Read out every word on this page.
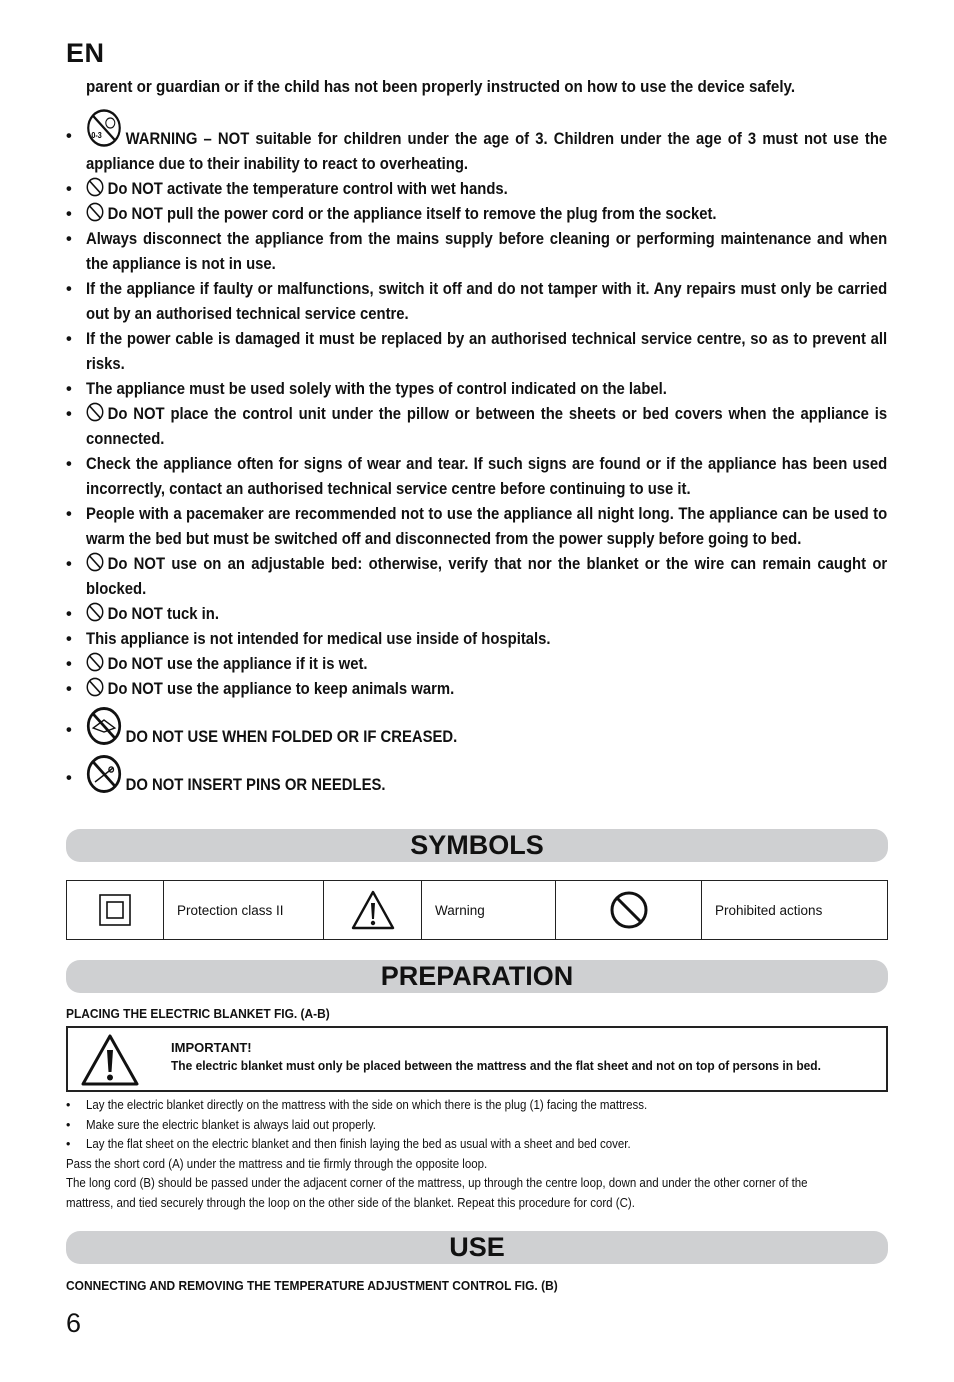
EN
parent or guardian or if the child has not been properly instructed on how to use the device safely.
• 0-3 WARNING – NOT suitable for children under the age of 3. Children under the age of 3 must not use the appliance due to their inability to react to overheating.
•	Do NOT activate the temperature control with wet hands.
•	Do NOT pull the power cord or the appliance itself to remove the plug from the socket.
• Always disconnect the appliance from the mains supply before cleaning or performing maintenance and when the appliance is not in use.
• If the appliance if faulty or malfunctions, switch it off and do not tamper with it. Any repairs must only be carried out by an authorised technical service centre.
• If the power cable is damaged it must be replaced by an authorised technical service centre, so as to prevent all risks.
• The appliance must be used solely with the types of control indicated on the label.
•	Do NOT place the control unit under the pillow or between the sheets or bed covers when the appliance is connected.
• Check the appliance often for signs of wear and tear. If such signs are found or if the appliance has been used incorrectly, contact an authorised technical service centre before continuing to use it.
• People with a pacemaker are recommended not to use the appliance all night long. The appliance can be used to warm the bed but must be switched off and disconnected from the power supply before going to bed.
•	Do NOT use on an adjustable bed: otherwise, verify that nor the blanket or the wire can remain caught or blocked.
•	Do NOT tuck in.
• This appliance is not intended for medical use inside of hospitals.
•	Do NOT use the appliance if it is wet.
•	Do NOT use the appliance to keep animals warm.
•	DO NOT USE WHEN FOLDED OR IF CREASED.
•	DO NOT INSERT PINS OR NEEDLES.
SYMBOLS
Protection class II	Warning	Prohibited actions
PREPARATION
PLACING THE ELECTRIC BLANKET FIG. (A-B)
IMPORTANT!
The electric blanket must only be placed between the mattress and the flat sheet and not on top of persons in bed.
• Lay the electric blanket directly on the mattress with the side on which there is the plug (1) facing the mattress.
• Make sure the electric blanket is always laid out properly.
• Lay the flat sheet on the electric blanket and then finish laying the bed as usual with a sheet and bed cover.

Pass the short cord (A) under the mattress and tie firmly through the opposite loop.

The long cord (B) should be passed under the adjacent corner of the mattress, up through the centre loop, down and under the other corner of the mattress, and tied securely through the loop on the other side of the blanket. Repeat this procedure for cord (C).

USE
CONNECTING AND REMOVING THE TEMPERATURE ADJUSTMENT CONTROL FIG. (B)
6
